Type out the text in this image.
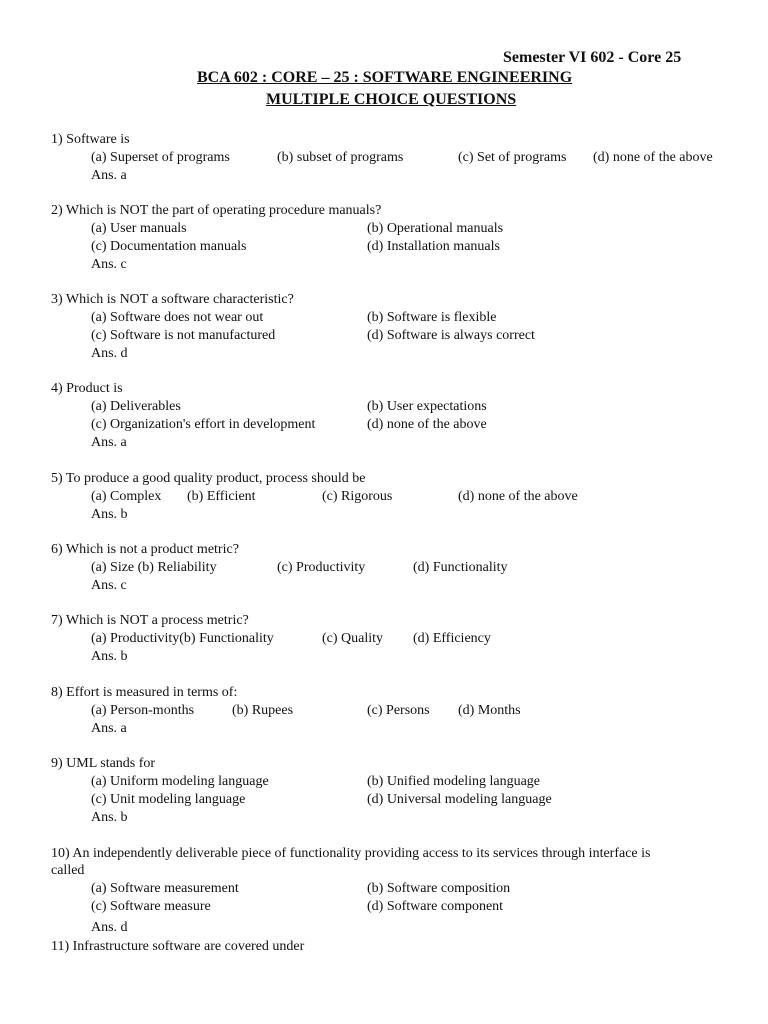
Semester VI 602 - Core 25
BCA 602 : CORE – 25 : SOFTWARE ENGINEERING
MULTIPLE CHOICE QUESTIONS
1) Software is
(a) Superset of programs	(b) subset of programs	(c) Set of programs (d) none of the above
Ans. a
2) Which is NOT the part of operating procedure manuals?
(a) User manuals	(b) Operational manuals
(c) Documentation manuals	(d) Installation manuals
Ans. c
3) Which is NOT a software characteristic?
(a) Software does not wear out	(b) Software is flexible
(c) Software is not manufactured	(d) Software is always correct
Ans. d
4) Product is
(a) Deliverables	(b) User expectations
(c) Organization's effort in development	(d) none of the above
Ans. a
5) To produce a good quality product, process should be
(a) Complex (b) Efficient	(c) Rigorous	(d) none of the above
Ans. b
6) Which is not a product metric?
(a) Size (b) Reliability	(c) Productivity	(d) Functionality
Ans. c
7) Which is NOT a process metric?
(a) Productivity(b) Functionality	(c) Quality (d) Efficiency
Ans. b
8) Effort is measured in terms of:
(a) Person-months	(b) Rupees	(c) Persons (d) Months
Ans. a
9) UML stands for
(a) Uniform modeling language	(b) Unified modeling language
(c) Unit modeling language	(d) Universal modeling language
Ans. b
10) An independently deliverable piece of functionality providing access to its services through interface is
called
(a) Software measurement	(b) Software composition
(c) Software measure	(d) Software component
Ans. d
11) Infrastructure software are covered under
